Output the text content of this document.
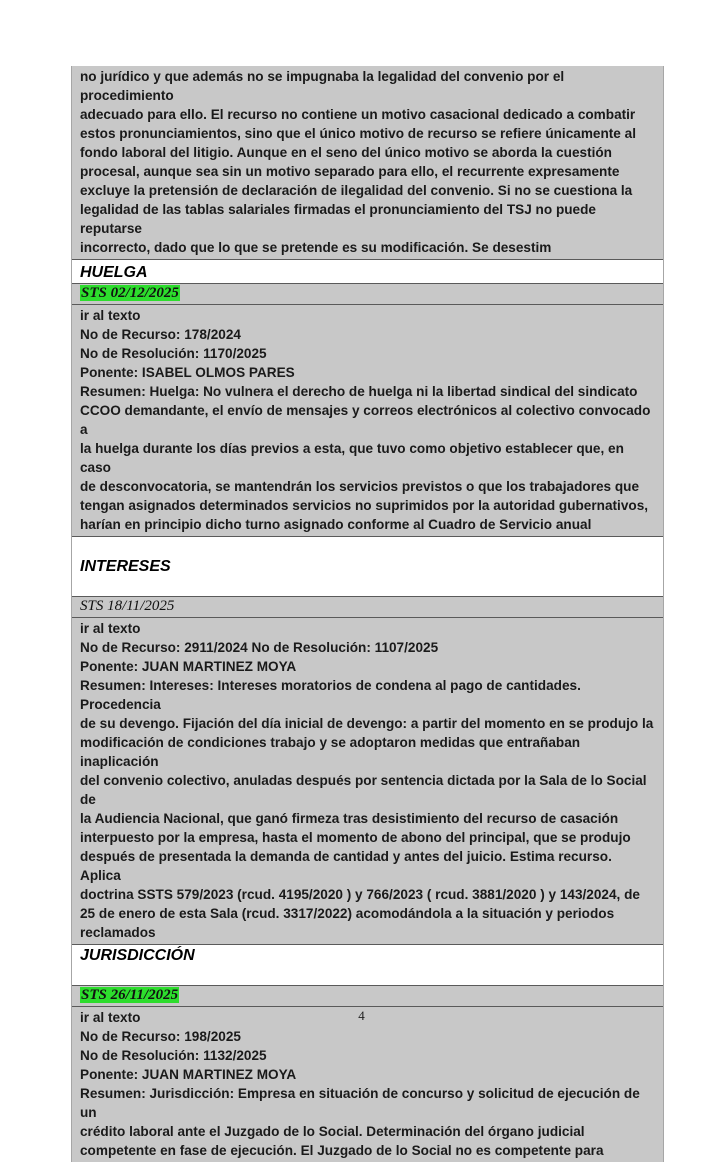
no jurídico y que además no se impugnaba la legalidad del convenio por el procedimiento

adecuado para ello. El recurso no contiene un motivo casacional dedicado a combatir

estos pronunciamientos, sino que el único motivo de recurso se refiere únicamente al

fondo laboral del litigio. Aunque en el seno del único motivo se aborda la cuestión

procesal, aunque sea sin un motivo separado para ello, el recurrente expresamente

excluye la pretensión de declaración de ilegalidad del convenio. Si no se cuestiona la

legalidad de las tablas salariales firmadas el pronunciamiento del TSJ no puede reputarse

incorrecto, dado que lo que se pretende es su modificación. Se desestim

HUELGA
STS 02/12/2025

ir al texto

No de Recurso: 178/2024

No de Resolución: 1170/2025

Ponente: ISABEL OLMOS PARES

Resumen: Huelga: No vulnera el derecho de huelga ni la libertad sindical del sindicato

CCOO demandante, el envío de mensajes y correos electrónicos al colectivo convocado a

la huelga durante los días previos a esta, que tuvo como objetivo establecer que, en caso

de desconvocatoria, se mantendrán los servicios previstos o que los trabajadores que

tengan asignados determinados servicios no suprimidos por la autoridad gubernativos,

harían en principio dicho turno asignado conforme al Cuadro de Servicio anual

INTERESES
STS 18/11/2025

ir al texto

No de Recurso: 2911/2024 No de Resolución: 1107/2025

Ponente: JUAN MARTINEZ MOYA

Resumen: Intereses: Intereses moratorios de condena al pago de cantidades. Procedencia

de su devengo. Fijación del día inicial de devengo: a partir del momento en se produjo la

modificación de condiciones trabajo y se adoptaron medidas que entrañaban inaplicación

del convenio colectivo, anuladas después por sentencia dictada por la Sala de lo Social de

la Audiencia Nacional, que ganó firmeza tras desistimiento del recurso de casación

interpuesto por la empresa, hasta el momento de abono del principal, que se produjo

después de presentada la demanda de cantidad y antes del juicio. Estima recurso. Aplica

doctrina SSTS 579/2023 (rcud. 4195/2020 ) y 766/2023 ( rcud. 3881/2020 ) y 143/2024, de

25 de enero de esta Sala (rcud. 3317/2022) acomodándola a la situación y periodos

reclamados

JURISDICCIÓN
STS 26/11/2025

ir al texto

No de Recurso: 198/2025

No de Resolución: 1132/2025

Ponente: JUAN MARTINEZ MOYA

Resumen: Jurisdicción: Empresa en situación de concurso y solicitud de ejecución de un

crédito laboral ante el Juzgado de lo Social. Determinación del órgano judicial

competente en fase de ejecución. El Juzgado de lo Social no es competente para

4
